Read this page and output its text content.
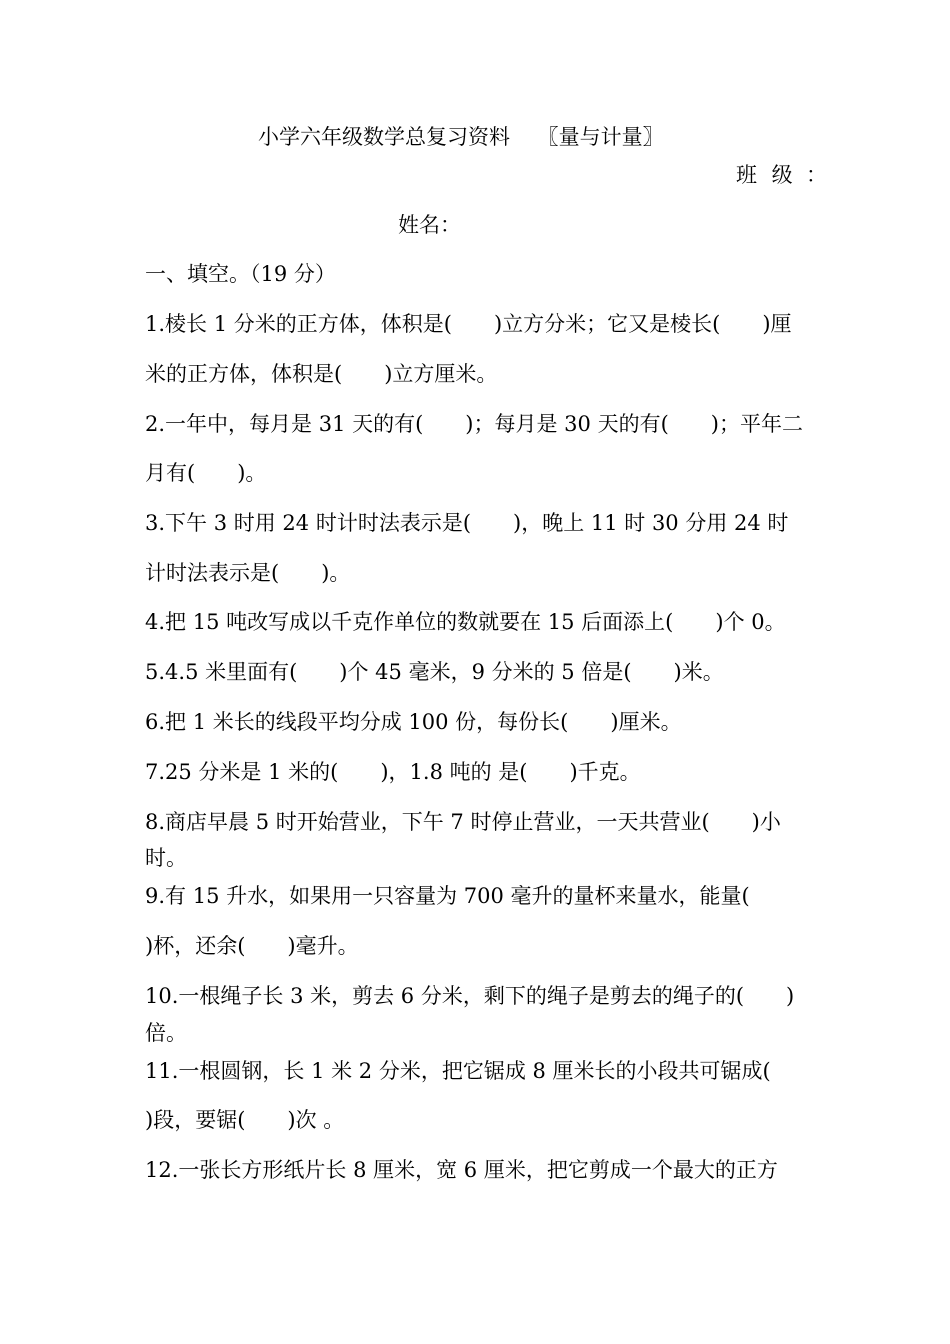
小学六年级数学总复习资料　 〖量与计量〗
班 级 ：
姓名：
一、填空。（19 分）
1.棱长 1 分米的正方体，体积是(　　)立方分米；它又是棱长(　　)厘
米的正方体，体积是(　　)立方厘米。
2.一年中，每月是 31 天的有(　　)；每月是 30 天的有(　　)；平年二
月有(　　)。
3.下午 3 时用 24 时计时法表示是(　　)，晚上 11 时 30 分用 24 时
计时法表示是(　　)。
4.把 15 吨改写成以千克作单位的数就要在 15 后面添上(　　)个 0。
5.4.5 米里面有(　　)个 45 毫米，9 分米的 5 倍是(　　)米。
6.把 1 米长的线段平均分成 100 份，每份长(　　)厘米。
7.25 分米是 1 米的(　　)，1.8 吨的 是(　　)千克。
8.商店早晨 5 时开始营业，下午 7 时停止营业，一天共营业(　　)小
时。
9.有 15 升水，如果用一只容量为 700 毫升的量杯来量水，能量(
)杯，还余(　　)毫升。
10.一根绳子长 3 米，剪去 6 分米，剩下的绳子是剪去的绳子的(　　)
倍。
11.一根圆钢，长 1 米 2 分米，把它锯成 8 厘米长的小段共可锯成(
)段，要锯(　　)次 。
12.一张长方形纸片长 8 厘米，宽 6 厘米，把它剪成一个最大的正方
